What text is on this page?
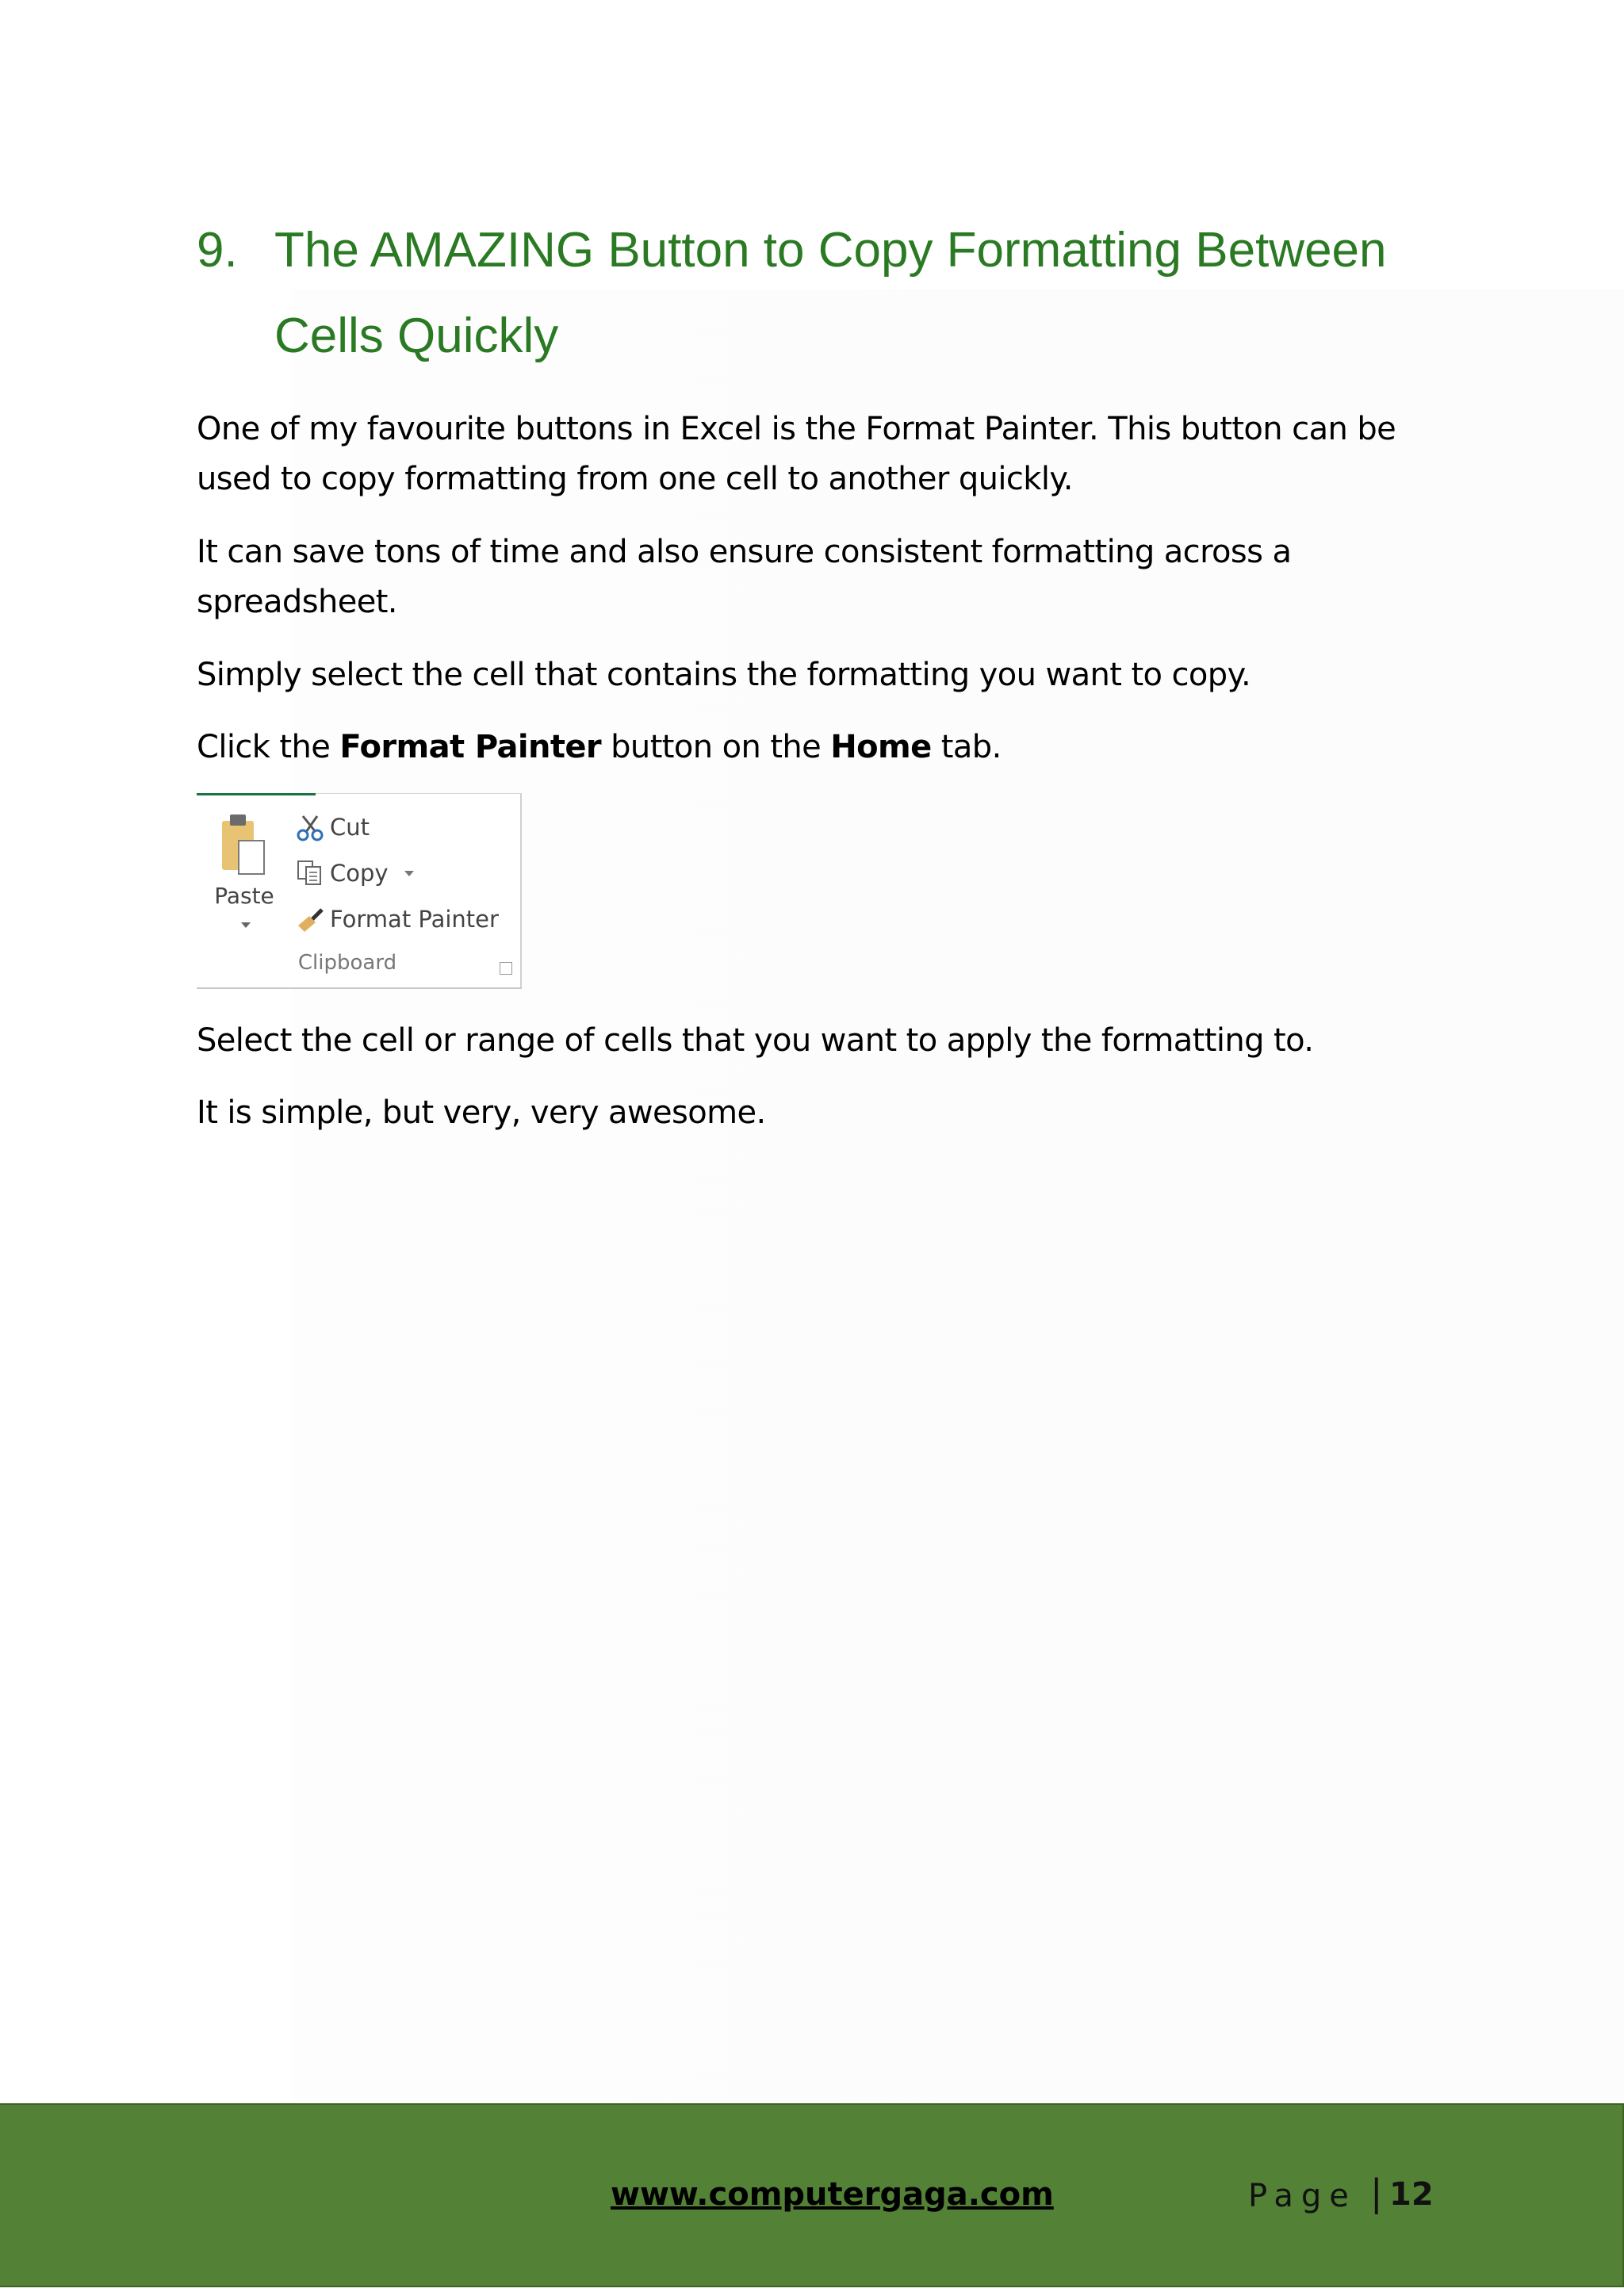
9. The AMAZING Button to Copy Formatting Between Cells Quickly

One of my favourite buttons in Excel is the Format Painter. This button can be used to copy formatting from one cell to another quickly.

It can save tons of time and also ensure consistent formatting across a spreadsheet.

Simply select the cell that contains the formatting you want to copy.

Click the Format Painter button on the Home tab.

Paste
Cut
Copy
Format Painter
Clipboard

Select the cell or range of cells that you want to apply the formatting to.

It is simple, but very, very awesome.

www.computergaga.com	Page | 12
